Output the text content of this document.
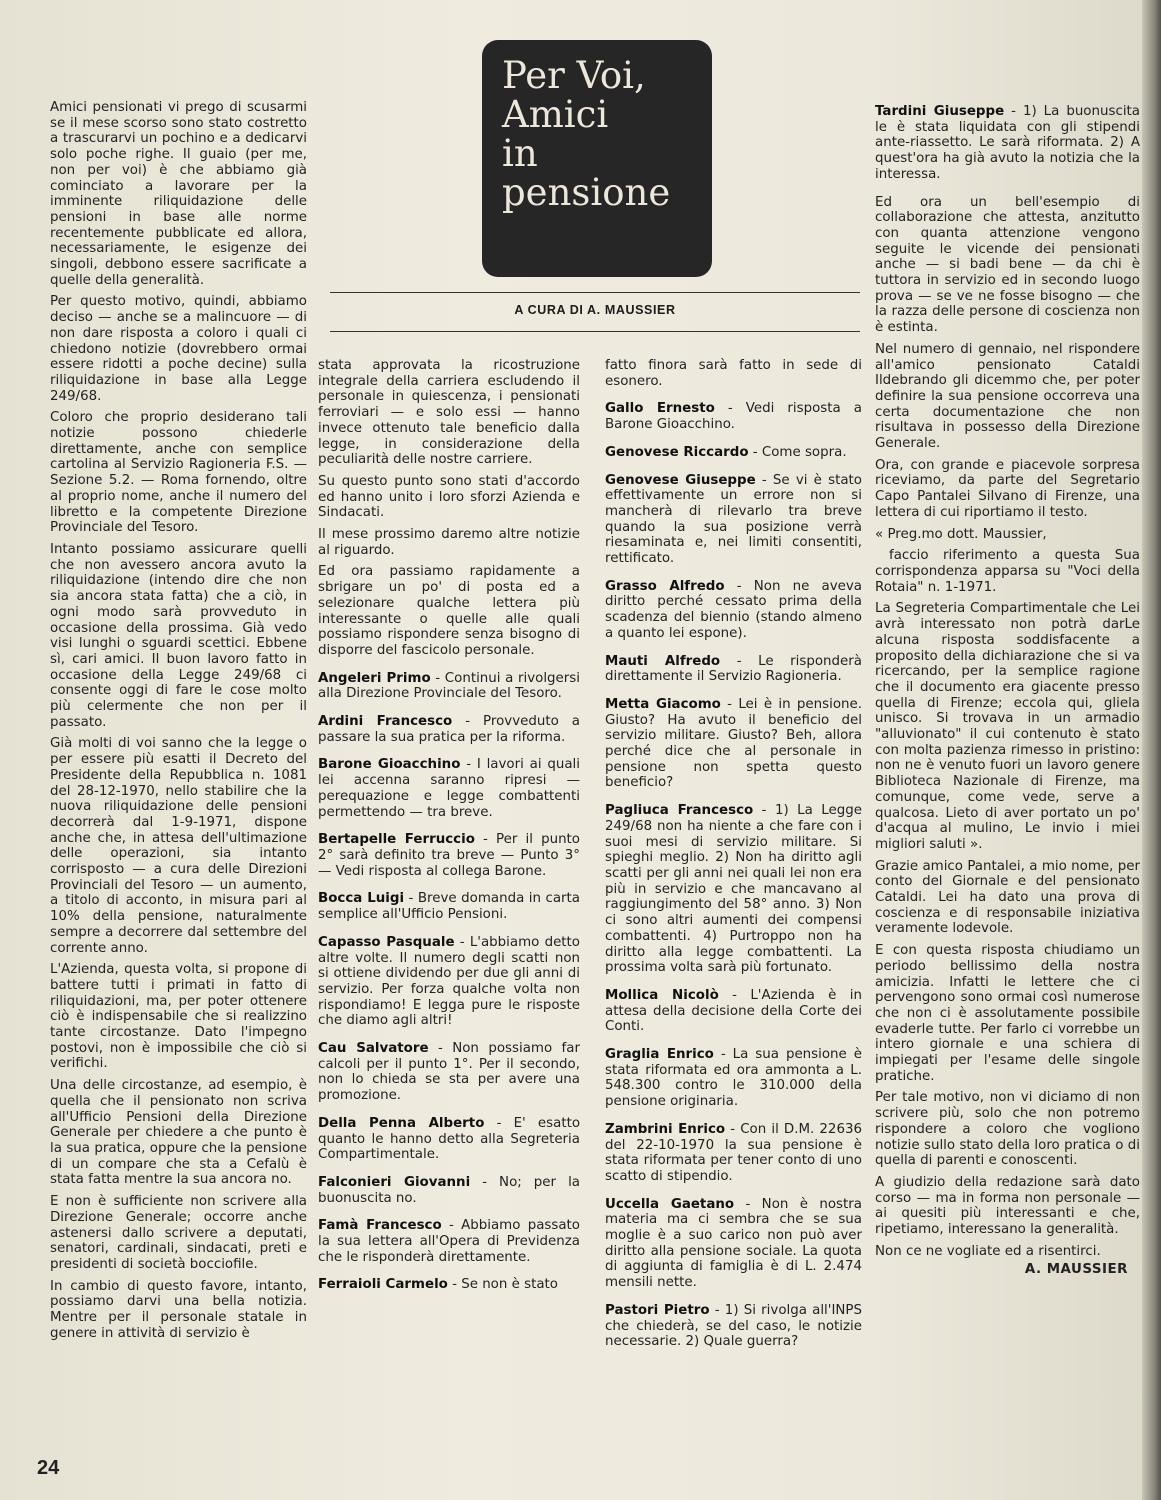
Per Voi,
Amici
in
pensione
A CURA DI A. MAUSSIER

Amici pensionati vi prego di scusarmi se il mese scorso sono stato costretto a trascurarvi un pochino e a dedicarvi solo poche righe. Il guaio (per me, non per voi) è che abbiamo già cominciato a lavorare per la imminente riliquidazione delle pensioni in base alle norme recentemente pubblicate ed allora, necessariamente, le esigenze dei singoli, debbono essere sacrificate a quelle della generalità.

Per questo motivo, quindi, abbiamo deciso — anche se a malincuore — di non dare risposta a coloro i quali ci chiedono notizie (dovrebbero ormai essere ridotti a poche decine) sulla riliquidazione in base alla Legge 249/68.

Coloro che proprio desiderano tali notizie possono chiederle direttamente, anche con semplice cartolina al Servizio Ragioneria F.S. — Sezione 5.2. — Roma fornendo, oltre al proprio nome, anche il numero del libretto e la competente Direzione Provinciale del Tesoro.

Intanto possiamo assicurare quelli che non avessero ancora avuto la riliquidazione (intendo dire che non sia ancora stata fatta) che a ciò, in ogni modo sarà provveduto in occasione della prossima. Già vedo visi lunghi o sguardi scettici. Ebbene sì, cari amici. Il buon lavoro fatto in occasione della Legge 249/68 ci consente oggi di fare le cose molto più celermente che non per il passato.

Già molti di voi sanno che la legge o per essere più esatti il Decreto del Presidente della Repubblica n. 1081 del 28-12-1970, nello stabilire che la nuova riliquidazione delle pensioni decorrerà dal 1-9-1971, dispone anche che, in attesa dell'ultimazione delle operazioni, sia intanto corrisposto — a cura delle Direzioni Provinciali del Tesoro — un aumento, a titolo di acconto, in misura pari al 10% della pensione, naturalmente sempre a decorrere dal settembre del corrente anno.

L'Azienda, questa volta, si propone di battere tutti i primati in fatto di riliquidazioni, ma, per poter ottenere ciò è indispensabile che si realizzino tante circostanze. Dato l'impegno postovi, non è impossibile che ciò si verifichi.

Una delle circostanze, ad esempio, è quella che il pensionato non scriva all'Ufficio Pensioni della Direzione Generale per chiedere a che punto è la sua pratica, oppure che la pensione di un compare che sta a Cefalù è stata fatta mentre la sua ancora no.

E non è sufficiente non scrivere alla Direzione Generale; occorre anche astenersi dallo scrivere a deputati, senatori, cardinali, sindacati, preti e presidenti di società bocciofile.

In cambio di questo favore, intanto, possiamo darvi una bella notizia. Mentre per il personale statale in genere in attività di servizio è

stata approvata la ricostruzione integrale della carriera escludendo il personale in quiescenza, i pensionati ferroviari — e solo essi — hanno invece ottenuto tale beneficio dalla legge, in considerazione della peculiarità delle nostre carriere.

Su questo punto sono stati d'accordo ed hanno unito i loro sforzi Azienda e Sindacati.

Il mese prossimo daremo altre notizie al riguardo.

Ed ora passiamo rapidamente a sbrigare un po' di posta ed a selezionare qualche lettera più interessante o quelle alle quali possiamo rispondere senza bisogno di disporre del fascicolo personale.

Angeleri Primo - Continui a rivolgersi alla Direzione Provinciale del Tesoro.

Ardini Francesco - Provveduto a passare la sua pratica per la riforma.

Barone Gioacchino - I lavori ai quali lei accenna saranno ripresi — perequazione e legge combattenti permettendo — tra breve.

Bertapelle Ferruccio - Per il punto 2° sarà definito tra breve — Punto 3° — Vedi risposta al collega Barone.

Bocca Luigi - Breve domanda in carta semplice all'Ufficio Pensioni.

Capasso Pasquale - L'abbiamo detto altre volte. Il numero degli scatti non si ottiene dividendo per due gli anni di servizio. Per forza qualche volta non rispondiamo! E legga pure le risposte che diamo agli altri!

Cau Salvatore - Non possiamo far calcoli per il punto 1°. Per il secondo, non lo chieda se sta per avere una promozione.

Della Penna Alberto - E' esatto quanto le hanno detto alla Segreteria Compartimentale.

Falconieri Giovanni - No; per la buonuscita no.

Famà Francesco - Abbiamo passato la sua lettera all'Opera di Previdenza che le risponderà direttamente.

Ferraioli Carmelo - Se non è stato

fatto finora sarà fatto in sede di esonero.

Gallo Ernesto - Vedi risposta a Barone Gioacchino.

Genovese Riccardo - Come sopra.

Genovese Giuseppe - Se vi è stato effettivamente un errore non si mancherà di rilevarlo tra breve quando la sua posizione verrà riesaminata e, nei limiti consentiti, rettificato.

Grasso Alfredo - Non ne aveva diritto perché cessato prima della scadenza del biennio (stando almeno a quanto lei espone).

Mauti Alfredo - Le risponderà direttamente il Servizio Ragioneria.

Metta Giacomo - Lei è in pensione. Giusto? Ha avuto il beneficio del servizio militare. Giusto? Beh, allora perché dice che al personale in pensione non spetta questo beneficio?

Pagliuca Francesco - 1) La Legge 249/68 non ha niente a che fare con i suoi mesi di servizio militare. Si spieghi meglio. 2) Non ha diritto agli scatti per gli anni nei quali lei non era più in servizio e che mancavano al raggiungimento del 58° anno. 3) Non ci sono altri aumenti dei compensi combattenti. 4) Purtroppo non ha diritto alla legge combattenti. La prossima volta sarà più fortunato.

Mollica Nicolò - L'Azienda è in attesa della decisione della Corte dei Conti.

Graglia Enrico - La sua pensione è stata riformata ed ora ammonta a L. 548.300 contro le 310.000 della pensione originaria.

Zambrini Enrico - Con il D.M. 22636 del 22-10-1970 la sua pensione è stata riformata per tener conto di uno scatto di stipendio.

Uccella Gaetano - Non è nostra materia ma ci sembra che se sua moglie è a suo carico non può aver diritto alla pensione sociale. La quota di aggiunta di famiglia è di L. 2.474 mensili nette.

Pastori Pietro - 1) Si rivolga all'INPS che chiederà, se del caso, le notizie necessarie. 2) Quale guerra?

Tardini Giuseppe - 1) La buonuscita le è stata liquidata con gli stipendi ante-riassetto. Le sarà riformata. 2) A quest'ora ha già avuto la notizia che la interessa.

Ed ora un bell'esempio di collaborazione che attesta, anzitutto con quanta attenzione vengono seguite le vicende dei pensionati anche — si badi bene — da chi è tuttora in servizio ed in secondo luogo prova — se ve ne fosse bisogno — che la razza delle persone di coscienza non è estinta.

Nel numero di gennaio, nel rispondere all'amico pensionato Cataldi Ildebrando gli dicemmo che, per poter definire la sua pensione occorreva una certa documentazione che non risultava in possesso della Direzione Generale.

Ora, con grande e piacevole sorpresa riceviamo, da parte del Segretario Capo Pantalei Silvano di Firenze, una lettera di cui riportiamo il testo.

« Preg.mo dott. Maussier,

faccio riferimento a questa Sua corrispondenza apparsa su "Voci della Rotaia" n. 1-1971.

La Segreteria Compartimentale che Lei avrà interessato non potrà darLe alcuna risposta soddisfacente a proposito della dichiarazione che si va ricercando, per la semplice ragione che il documento era giacente presso quella di Firenze; eccola qui, gliela unisco. Si trovava in un armadio "alluvionato" il cui contenuto è stato con molta pazienza rimesso in pristino: non ne è venuto fuori un lavoro genere Biblioteca Nazionale di Firenze, ma comunque, come vede, serve a qualcosa. Lieto di aver portato un po' d'acqua al mulino, Le invio i miei migliori saluti ».

Grazie amico Pantalei, a mio nome, per conto del Giornale e del pensionato Cataldi. Lei ha dato una prova di coscienza e di responsabile iniziativa veramente lodevole.

E con questa risposta chiudiamo un periodo bellissimo della nostra amicizia. Infatti le lettere che ci pervengono sono ormai così numerose che non ci è assolutamente possibile evaderle tutte. Per farlo ci vorrebbe un intero giornale e una schiera di impiegati per l'esame delle singole pratiche.

Per tale motivo, non vi diciamo di non scrivere più, solo che non potremo rispondere a coloro che vogliono notizie sullo stato della loro pratica o di quella di parenti e conoscenti.

A giudizio della redazione sarà dato corso — ma in forma non personale — ai quesiti più interessanti e che, ripetiamo, interessano la generalità.

Non ce ne vogliate ed a risentirci.

A. MAUSSIER
24
